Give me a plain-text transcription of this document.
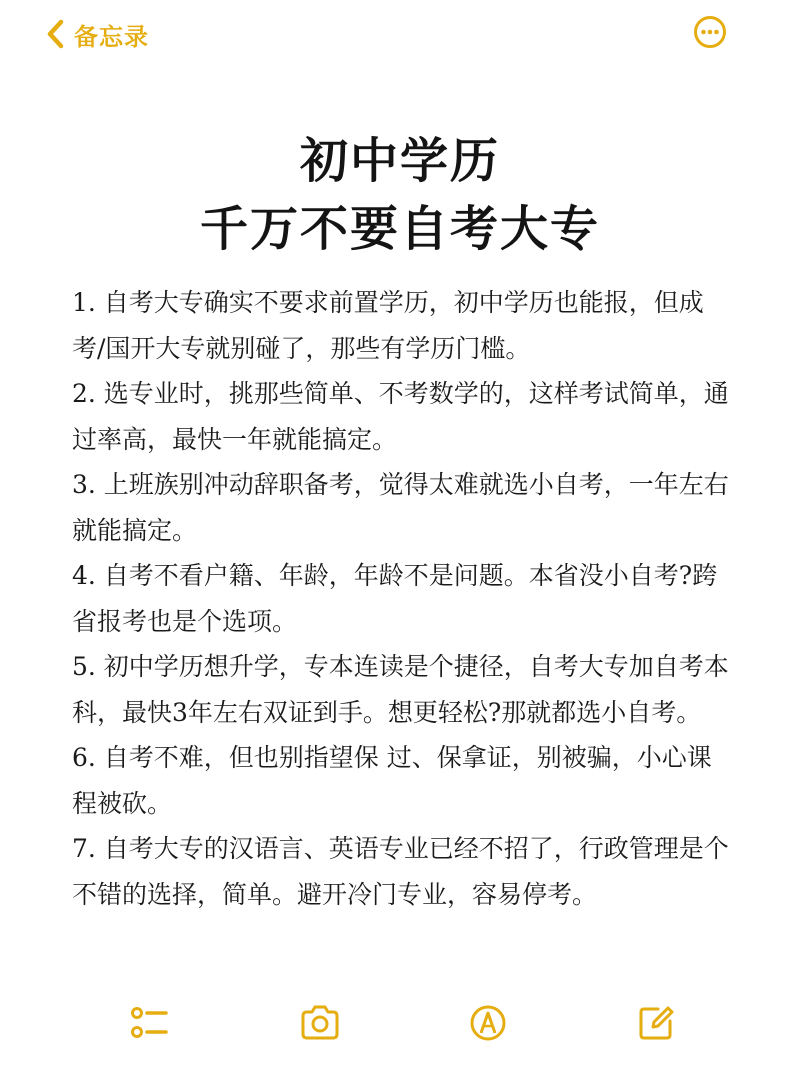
备忘录
初中学历
千万不要自考大专
1. 自考大专确实不要求前置学历，初中学历也能报，但成考/国开大专就别碰了，那些有学历门槛。
2. 选专业时，挑那些简单、不考数学的，这样考试简单，通过率高，最快一年就能搞定。
3. 上班族别冲动辞职备考，觉得太难就选小自考，一年左右就能搞定。
4. 自考不看户籍、年龄，年龄不是问题。本省没小自考?跨省报考也是个选项。
5. 初中学历想升学，专本连读是个捷径，自考大专加自考本科，最快3年左右双证到手。想更轻松?那就都选小自考。
6. 自考不难，但也别指望保 过、保拿证，别被骗，小心课程被砍。
7. 自考大专的汉语言、英语专业已经不招了，行政管理是个不错的选择，简单。避开冷门专业，容易停考。
